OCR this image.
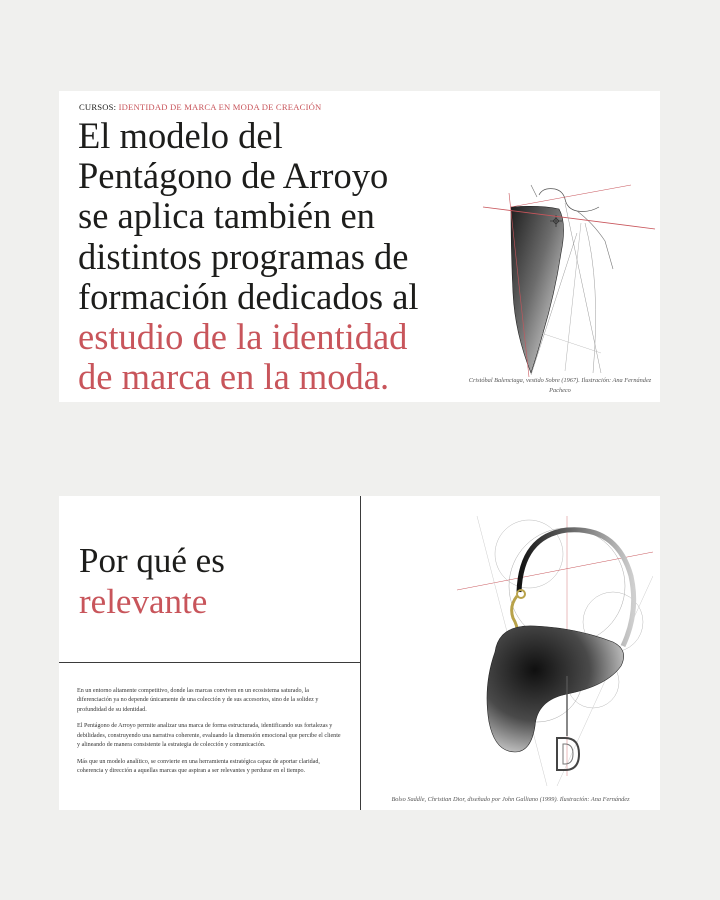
CURSOS: IDENTIDAD DE MARCA EN MODA DE CREACIÓN
El modelo del
Pentágono de Arroyo
se aplica también en
distintos programas de
formación dedicados al
estudio de la identidad
de marca en la moda.	Cristóbal Balenciaga, vestido Sobre (1967). Ilustración: Ana Fernández Pacheco
Por qué es
relevante

En un entorno altamente competitivo, donde las marcas conviven en un ecosistema saturado, la diferenciación ya no depende únicamente de una colección y de sus accesorios, sino de la solidez y profundidad de su identidad.

El Pentágono de Arroyo permite analizar una marca de forma estructurada, identificando sus fortalezas y debilidades, construyendo una narrativa coherente, evaluando la dimensión emocional que percibe el cliente y alineando de manera consistente la estrategia de colección y comunicación.

Más que un modelo analítico, se convierte en una herramienta estratégica capaz de aportar claridad, coherencia y dirección a aquellas marcas que aspiran a ser relevantes y perdurar en el tiempo.

Bolso Saddle, Christian Dior, diseñado por John Galliano (1999). Ilustración: Ana Fernández
